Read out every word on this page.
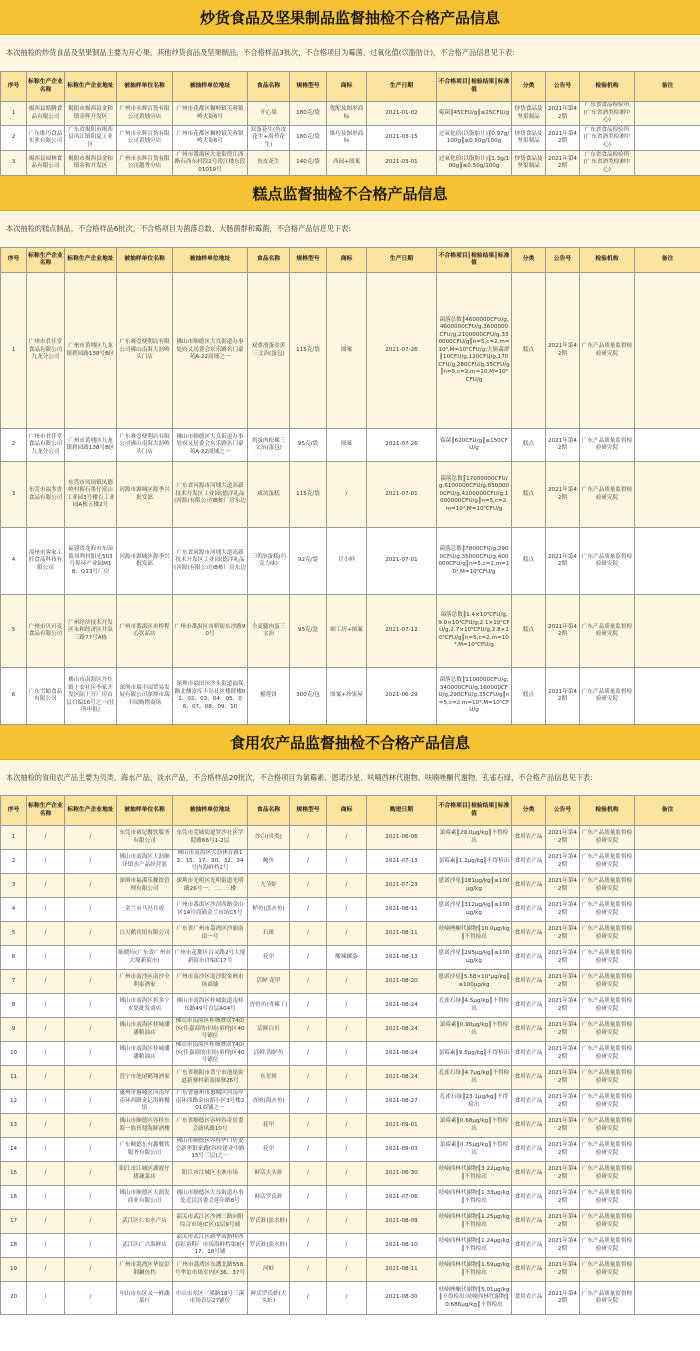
炒货食品及坚果制品监督抽检不合格产品信息
本次抽检的炒货食品及坚果制品主要为开心果、其他炒货食品及坚果制品，不合格样品3批次，不合格项目为霉菌、过氧化值(以脂肪计)，不合格产品信息见下表:
序号	标称生产企业名称	标称生产企业地址	被抽样单位名称	被抽样单位地址	食品名称	规格型号	商标	生产日期	不合格项目║检验结果║标准值	分类	公告号	检验机构	备注
1	揭西县皓腾食品有限公司	揭阳市揭西县金和镇金辉开发区	广州市永辉百货有限公司黄埔分店	广州市花都区狮岭镇芙蓉镇岭大街6号	开心果	180克/袋	优配及图形商标	2021-01-02	霉菌║45CFU/g║≤25CFU/g	炒货食品及坚果制品	2021年第42期	广东省食品检验所(广东省酒类检测中心)	
2	广东维巧食品实业有限公司	广东省揭阳市揭西县凤江镇阳夏工业区	广州市永辉百货有限公司黄埔分店	广州市花都区狮岭镇芙蓉镇岭大街6号	双蛋花生(鱼皮花生+海苔花生)	180克/袋	维巧及图形商标	2021-03-15	过氧化值(以脂肪计)║0.97g/100g║≤0.50g/100g	炒货食品及坚果制品	2021年第42期	广东省食品检验所(广东省酒类检测中心)	
3	揭西县园林食品有限公司	揭阳市揭西县金和镇金和开发区	广州市永辉百货有限公司越秀分店	广州市番禺区大龙街傍江西路石西东村段2号傍江楼东段01019号	鱼皮花生	140克/袋	西园+图案	2021-03-01	过氧化值(以脂肪计)║1.3g/100g║≤0.50g/100g	炒货食品及坚果制品	2021年第42期	广东省食品检验所(广东省酒类检测中心)	
糕点监督抽检不合格产品信息
本次抽检的糕点制品，不合格样品6批次，不合格项目为菌落总数、大肠菌群和霉菌，不合格产品信息见下表:
序号	标称生产企业名称	标称生产企业地址	被抽样单位名称	被抽样单位地址	食品名称	规格型号	商标	生产日期	不合格项目║检验结果║标准值	分类	公告号	检验机构	备注
1	广州市君佳堂食品有限公司九龙分公司	广州市黄埔区九龙镇碧园路138号B区	广东赛壹便利店有限公司佛山南海大沥岭头门店	佛山市顺德区大良街道办事处府又居委会东乐路名门豪苑A-22商铺之一	双重滑蛋金黄三文治(蛋包)	115克/袋	图案	2021-07-26	菌落总数║4600000CFU/g,4600000CFU/g,3600000CFU/g,2100000CFU/g,330000CFU/g║n=5,c=2,m=10⁴,M=10⁵CFU/g;大肠菌群║10CFU/g,120CFU/g,170CFU/g,280CFU/g,35CFU/g║n=5,c=2,m=10,M=10² CFU/g	糕点	2021年第42期	广东产品质量监督检验研究院	
2	广州市君佳堂食品有限公司九龙分公司	广州市黄埔区九龙镇碧园路138号B区	广东赛壹便利店有限公司佛山南海大沥岭头门店	佛山市顺德区大良街道办事处府又居委会东乐路名门豪苑A-22商铺之一	鸡蛋肉松裸三文治(蛋包)	95克/袋	图案	2021-07-26	霉菌║620CFU/g║≤150CFU/g	糕点	2021年第42期	广东产品质量监督检验研究院	
3	东莞市福多香食品有限公司	东莞市凤岗镇凤德岭村裤石墨仔富山工业园3号楼百工业园A栋五楼2号	河源市源城区源季兴批发部	广东省河源市河埔大道高新技术开发区工业园(德洋礼品(河源)有限公司)B栋厂房东边	咸风蛋糕	115克/袋	/	2021-07-01	菌落总数║17000000CFU/g,6100000CFU/g,8500000CFU/g,4200000CFU/g,1000000CFU/g║n=5,c=2,m=10⁴,M=10⁵CFU/g	糕点	2021年第42期	广东产品质量监督检验研究院	
4	漳州市客家工匠食品科技有限公司	福建省龙海市东园镇凤鸣村阳光503号埠环产业园M18、Q13号厂房	河源市源城区源季兴批发部	广东省河源市河埔大道高新技术开发区工业园(德洋礼品(河源)有限公司)B栋厂房东边	三明治蛋糕(巧克力味)	92克/袋	甘小鲜	2021-07-01	菌落总数║7800CFU/g,2900CFU/g,35000CFU/g,400000CFU/g║n=5,c=2,m=10⁴,M=10⁵CFU/g	糕点	2021年第42期	广东产品质量监督检验研究院	
5	广州市贝可麦食品有限公司	广州经济技术开发区永和经济区井泉三路77号A栋	广州市番禺区市桥程心饮品店	广州市番禺区市桥街东沙路90号	全麦腿肉蛋三文治	95克/盒	细工坊+图案	2021-07-12	菌落总数║1.4×10⁵CFU/g,9.0×10⁴CFU/g,2.1×10⁵CFU/g,2.7×10⁵CFU/g,2.8×10⁵CFU/g║n=5,c=2,m=10⁴,M=10⁵CFU/g	糕点	2021年第42期	广东产品质量监督检验研究院	
6	广东雪蛤食品有限公司	佛山市南海区丹灶镇上安社区李家开发区陆干开厂房首层自编16号之一(住所申报)	深圳市瑞丰园贸易发展有限公司深圳市瑞丰园购物商场	深圳市福田区沙头街道福保路北侧富库丰岛社区楼群楼01、02、03、04、05、06、07、08、09、10	榴莲饼	300克/包	图案+珍果屋	2021-06-29	菌落总数║1100000CFU/g,340000CFU/g,160000CFU/g,290CFU/g,35CFU/g║n=5,c=2,m=10⁴,M=10⁵CFU/g	糕点	2021年第42期	广东产品质量监督检验研究院	
食用农产品监督抽检不合格产品信息
本次抽检的食用农产品主要为贝类、海水产品、淡水产品，不合格样品20批次，不合格项目为氯霉素、恩诺沙星、呋喃西林代谢物、呋喃唑酮代谢物、孔雀石绿，不合格产品信息见下表:
序号	标称生产企业名称	标称生产企业地址	被抽样单位名称	被抽样单位地址	食品名称	规格型号	商标	购进日期	不合格项目║检验结果║标准值	分类	公告号	检验机构	备注
1	/	/	东莞市裕记餐饮服务有限公司	东莞市莞城街道罗沙社区学院路66号1-2层	沙白(贝类)	/	/	2021-06-06	氯霉素║29.0μg/kg║不得检出	食用农产品	2021年第42期	广东产品质量监督检验研究院	
2	/	/	佛山市南海区大沥顺泽镇水产品经营部	佛山市南海区大沥体育路13、15、17、30、32、34号内海鲜档2号	鲍鱼	/	/	2021-07-13	氯霉素║1.2μg/kg║不得检出	食用农产品	2021年第42期	广东产品质量监督检验研究院	
3	/	/	深圳市福溪乐餐饮管理有限公司	深圳市光明区光明街道光明路26号一、二、三楼	九节虾	/	/	2021-07-23	恩诺沙星║181μg/kg║≤100μg/kg	食用农产品	2021年第42期	广东产品质量监督检验研究院	
4	/	/	金兰市马冯月成	广州市番禺区沙滘西路金山区14号商铺金兰市场C5号	鲈鱼(淡水鱼)	/	/	2021-08-11	恩诺沙星║312μg/kg║≤100μg/kg	食用农产品	2021年第42期	广东产品质量监督检验研究院	
5	/	/	白天鹅宾馆有限公司	广东省广州市荔湾区沙面南街一号	石斑	/	/	2021-08-11	呋喃唑酮代谢物║10.0μg/kg║不得检出	食用农产品	2021年第42期	广东产品质量监督检验研究院	
6	/	/	陈晓玲(广东省广州市大壕新街市)	广州市花都区百灵路2号大壕新街市自编C17号	花甲	/	酸辣螺蛋	2021-08-13	恩诺沙星║295μg/kg║≤100μg/kg	食用农产品	2021年第42期	广东产品质量监督检验研究院	
7	/	/	广州市南沙区南沙全利泰酒家	广州市南沙区南沙街金洲市场商铺	活鲜 花甲	/	/	2021-08-20	恩诺沙星║5.58×10³μg/kg║≤100μg/kg	食用农产品	2021年第42期	广东产品质量监督检验研究院	
8	/	/	佛山市南海区彩多宁水果批发商店	佛山市南海区桂城街道南桂东路49号首层A04号	香骨鱼(青辣丁)	/	/	2021-08-24	孔雀石绿║4.5μg/kg║不得检出	食用农产品	2021年第42期	广东产品质量监督检验研究院	
9	/	/	佛山市南海区桂城潘潘粮油店	佛山市南海区桂城叠滘74街区(佳嘉商的市场)童样J区40号铺位	活鲜白贝	/	/	2021-08-24	氯霉素║0.90μg/kg║不得检出	食用农产品	2021年第42期	广东产品质量监督检验研究院	
10	/	/	佛山市南海区桂城潘潘粮油店	佛山市南海区桂城叠滘74街区(佳嘉商的市场)童样J区40号铺位	活鲜 海鲈鱼	/	/	2021-08-24	氯霉素║9.5μg/kg║不得检出	食用农产品	2021年第42期	广东产品质量监督检验研究院	
11	/	/	普宁市池尾鹤翔酒家	广东省揭阳市普宁市池尾街道新竂村新南围竂26号	东星斑	/	/	2021-08-24	孔雀石绿║4.7μg/kg║不得检出	食用农产品	2021年第42期	广东产品质量监督检验研究院	
12	/	/	惠州市惠城区河南岸南环西路金记海鲜餐馆	广东省惠州市惠城区河南岸南环西路金山湖小区3号楼201商铺之一	青斑(海水鱼)	/	/	2021-08-27	孔雀石绿║23.1μg/kg║不得检出	食用农产品	2021年第42期	广东产品质量监督检验研究院	
13	/	/	佛山市顺德区容桂东海一族鱼翅海鲜酒楼	广东省顺德区容桂容奇居委会新风路10号	花甲	/	/	2021-09-01	氯霉素║0.68μg/kg║不得检出	食用农产品	2021年第42期	广东产品质量监督检验研究院	
14	/	/	广东顺德东有鑫餐饮服务有限公司	佛山市顺德区容桂华口居委会新华银家路(容桂建业中路15号三层)之一	花甲	/	/	2021-09-03	氯霉素║0.75μg/kg║不得检出	食用农产品	2021年第42期	广东产品质量监督检验研究院	
15	/	/	阳江市江城区湖霞仔猪蔬菜店	阳江市江城区水寨市场	鲜活大头虾	/	/	2021-06-30	呋喃西林代谢物║3.22μg/kg║不得检出	食用农产品	2021年第42期	广东产品质量监督检验研究院	
16	/	/	佛山市顺德区大润发商业有限公司	佛山市顺德区大良街道办事处近民居委会延年路8号	鲜活罗氏虾	/	/	2021-07-06	呋喃西林代谢物║1.33μg/kg║不得检出	食用农产品	2021年第42期	广东产品质量监督检验研究院	
17	/	/	武江区仁安水产店	韶关市武江区沙洲三路向阳综合市场(C区)1层9号铺	罗氏虾(淡水虾)	/	/	2021-08-09	呋喃西林代谢物║1.25μg/kg║不得检出	食用农产品	2021年第42期	广东产品质量监督检验研究院	
18	/	/	武江区广兴海鲜店	韶关市武江区新华南路桥西春虹童鞋厂市场海鲜档第8区17、18号铺	罗氏虾(淡水虾)	/	/	2021-08-10	呋喃西林代谢物║1.24μg/kg║不得检出	食用农产品	2021年第42期	广东产品质量监督检验研究院	
19	/	/	广州市荔湾区华谊彭钢鍼鱼档	广州市荔湾区东漖北路558号华谊市场室内区36、37号	河虾	/	/	2021-08-11	呋喃西林代谢物║1.59μg/kg║不得检出	食用农产品	2021年第42期	广东产品质量监督检验研究院	
20	/	/	中山市东区又一鲜蔬菜行	中山市东区三溪路18号三溪市场首层27铺位	鲜活罗氏虾(大头虾)	/	/	2021-08-30	呋喃唑酮代谢物║5.01μg/kg║不得检出;呋喃西林代谢物║0.686μg/kg║不得检出	食用农产品	2021年第42期	广东产品质量监督检验研究院	
